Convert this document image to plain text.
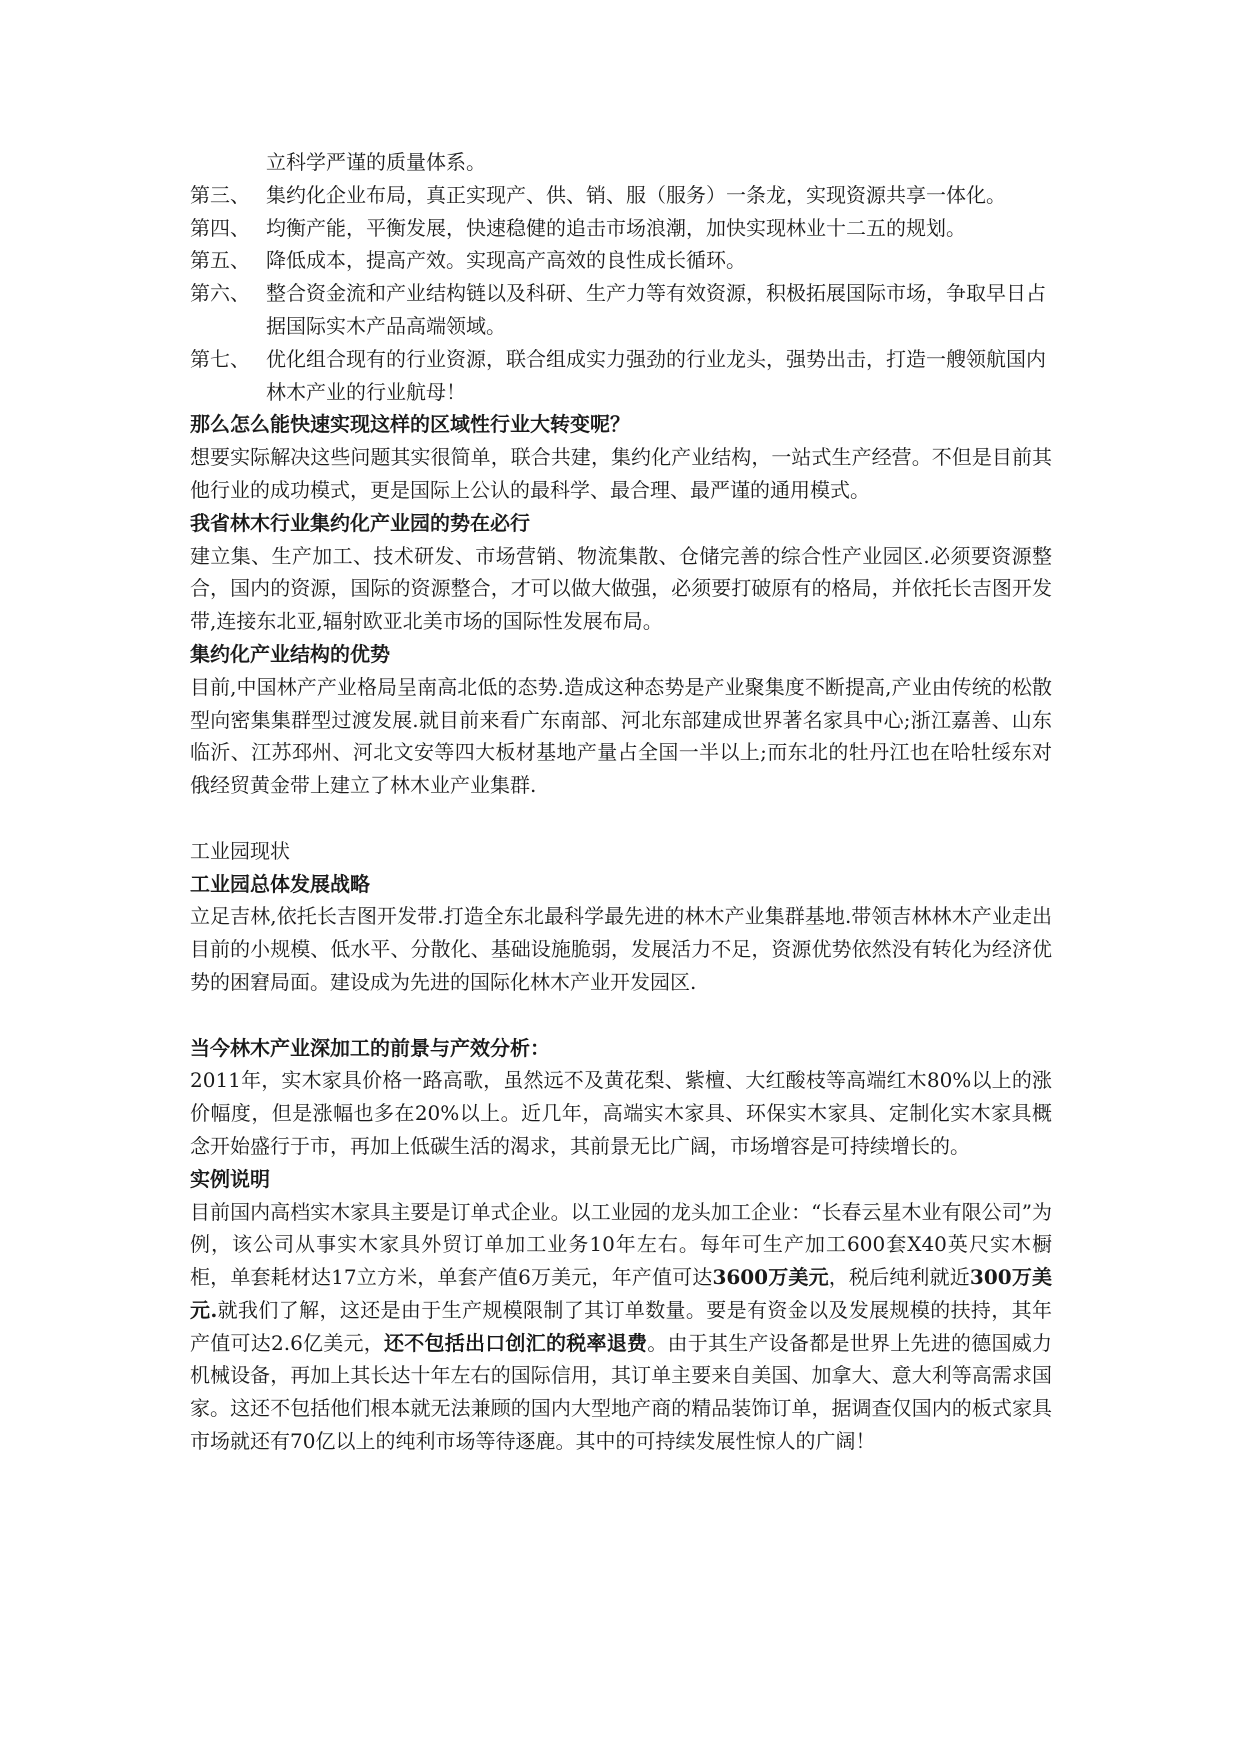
立科学严谨的质量体系。

第三、 集约化企业布局，真正实现产、供、销、服（服务）一条龙，实现资源共享一体化。
第四、 均衡产能，平衡发展，快速稳健的追击市场浪潮，加快实现林业十二五的规划。
第五、 降低成本，提高产效。实现高产高效的良性成长循环。
第六、 整合资金流和产业结构链以及科研、生产力等有效资源，积极拓展国际市场，争取早日占据国际实木产品高端领域。
第七、 优化组合现有的行业资源，联合组成实力强劲的行业龙头，强势出击，打造一艘领航国内林木产业的行业航母！

那么怎么能快速实现这样的区域性行业大转变呢？

想要实际解决这些问题其实很简单，联合共建，集约化产业结构，一站式生产经营。不但是目前其他行业的成功模式，更是国际上公认的最科学、最合理、最严谨的通用模式。

我省林木行业集约化产业园的势在必行

建立集、生产加工、技术研发、市场营销、物流集散、仓储完善的综合性产业园区.必须要资源整合，国内的资源，国际的资源整合，才可以做大做强，必须要打破原有的格局，并依托长吉图开发带,连接东北亚,辐射欧亚北美市场的国际性发展布局。

集约化产业结构的优势

目前,中国林产产业格局呈南高北低的态势.造成这种态势是产业聚集度不断提高,产业由传统的松散型向密集集群型过渡发展.就目前来看广东南部、河北东部建成世界著名家具中心;浙江嘉善、山东临沂、江苏邳州、河北文安等四大板材基地产量占全国一半以上;而东北的牡丹江也在哈牡绥东对俄经贸黄金带上建立了林木业产业集群.

工业园现状

工业园总体发展战略

立足吉林,依托长吉图开发带.打造全东北最科学最先进的林木产业集群基地.带领吉林林木产业走出目前的小规模、低水平、分散化、基础设施脆弱，发展活力不足，资源优势依然没有转化为经济优势的困窘局面。建设成为先进的国际化林木产业开发园区.

当今林木产业深加工的前景与产效分析：

2011年，实木家具价格一路高歌，虽然远不及黄花梨、紫檀、大红酸枝等高端红木80%以上的涨价幅度，但是涨幅也多在20%以上。近几年，高端实木家具、环保实木家具、定制化实木家具概念开始盛行于市，再加上低碳生活的渴求，其前景无比广阔，市场增容是可持续增长的。

实例说明

目前国内高档实木家具主要是订单式企业。以工业园的龙头加工企业：“长春云星木业有限公司”为例，该公司从事实木家具外贸订单加工业务10年左右。每年可生产加工600套X40英尺实木橱柜，单套耗材达17立方米，单套产值6万美元，年产值可达3600万美元，税后纯利就近300万美元.就我们了解，这还是由于生产规模限制了其订单数量。要是有资金以及发展规模的扶持，其年产值可达2.6亿美元，还不包括出口创汇的税率退费。由于其生产设备都是世界上先进的德国威力机械设备，再加上其长达十年左右的国际信用，其订单主要来自美国、加拿大、意大利等高需求国家。这还不包括他们根本就无法兼顾的国内大型地产商的精品装饰订单，据调查仅国内的板式家具市场就还有70亿以上的纯利市场等待逐鹿。其中的可持续发展性惊人的广阔！
